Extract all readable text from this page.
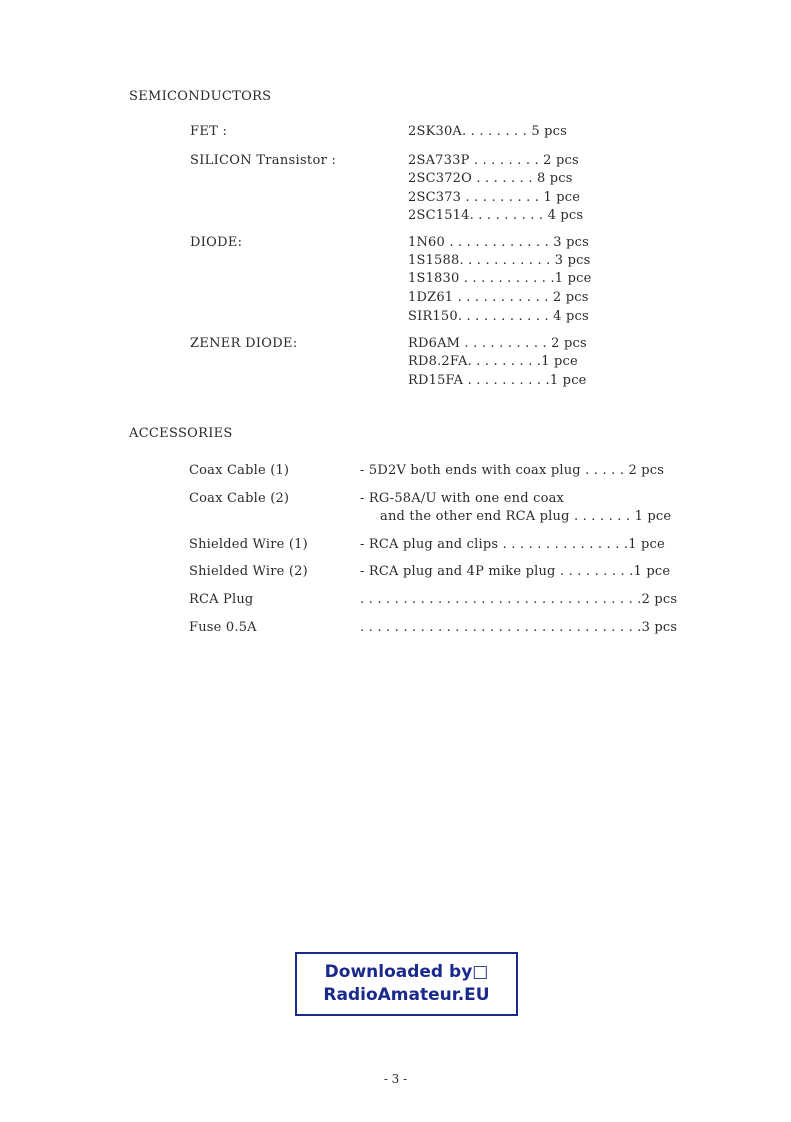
SEMICONDUCTORS
FET :	2SK30A. . . . . . . . 5 pcs
SILICON Transistor :	2SA733P . . . . . . . . 2 pcs
2SC372O . . . . . . . 8 pcs
2SC373 . . . . . . . . . 1 pce
2SC1514. . . . . . . . . 4 pcs
DIODE:	1N60 . . . . . . . . . . . . 3 pcs
1S1588. . . . . . . . . . . 3 pcs
1S1830 . . . . . . . . . . .1 pce
1DZ61 . . . . . . . . . . . 2 pcs
SIR150. . . . . . . . . . . 4 pcs
ZENER DIODE:	RD6AM . . . . . . . . . . 2 pcs
RD8.2FA. . . . . . . . .1 pce
RD15FA . . . . . . . . . .1 pce
ACCESSORIES
Coax Cable (1)	- 5D2V both ends with coax plug . . . . . 2 pcs
Coax Cable (2)	- RG-58A/U with one end coax
and the other end RCA plug . . . . . . . 1 pce
Shielded Wire (1)	- RCA plug and clips . . . . . . . . . . . . . . .1 pce
Shielded Wire (2)	- RCA plug and 4P mike plug . . . . . . . . .1 pce
RCA Plug	. . . . . . . . . . . . . . . . . . . . . . . . . . . . . . . . .2 pcs
Fuse 0.5A	. . . . . . . . . . . . . . . . . . . . . . . . . . . . . . . . .3 pcs
Downloaded by□
RadioAmateur.EU
- 3 -
